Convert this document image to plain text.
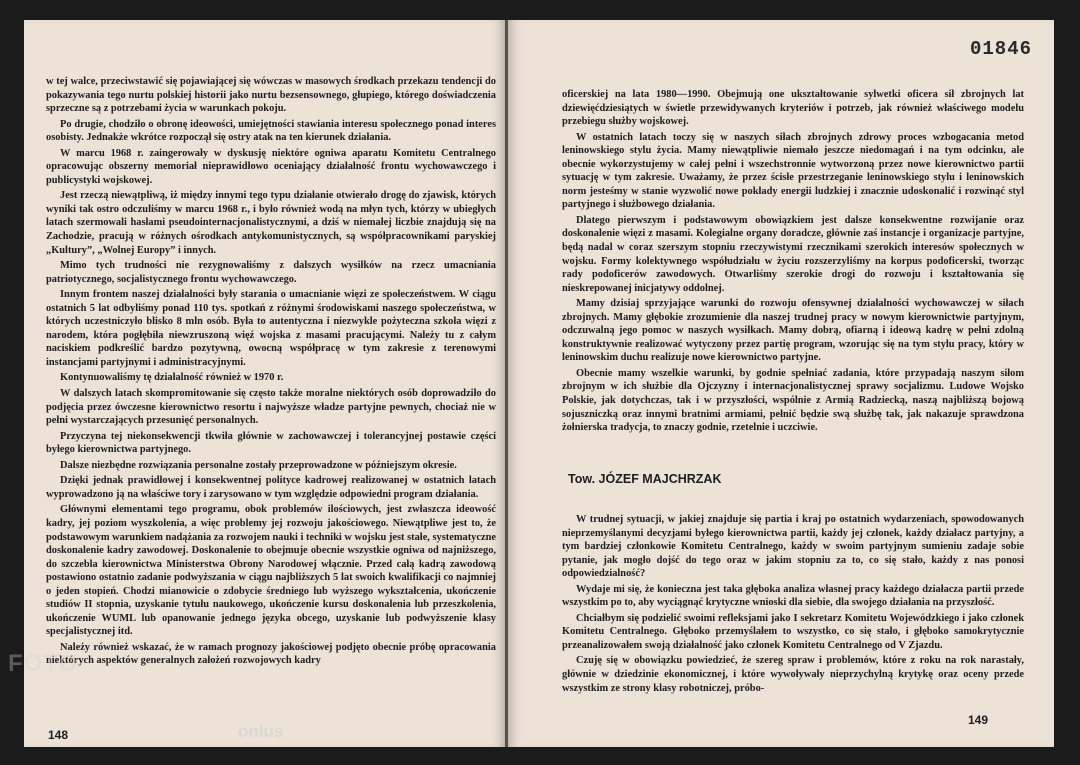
w tej walce, przeciwstawić się pojawiającej się wówczas w masowych środkach przekazu tendencji do pokazywania tego nurtu polskiej historii jako nurtu bezsensownego, głupiego, którego doświadczenia sprzeczne są z potrzebami życia w warunkach pokoju.

Po drugie, chodziło o obronę ideowości, umiejętności stawiania interesu społecznego ponad interes osobisty. Jednakże wkrótce rozpoczął się ostry atak na ten kierunek działania.

W marcu 1968 r. zaingerowały w dyskusję niektóre ogniwa aparatu Komitetu Centralnego opracowując obszerny memoriał nieprawidłowo oceniający działalność frontu wychowawczego i publicystyki wojskowej.

Jest rzeczą niewątpliwą, iż między innymi tego typu działanie otwierało drogę do zjawisk, których wyniki tak ostro odczuliśmy w marcu 1968 r., i było również wodą na młyn tych, którzy w ubiegłych latach szermowali hasłami pseudointernacjonalistycznymi, a dziś w niemałej liczbie znajdują się na Zachodzie, pracują w różnych ośrodkach antykomunistycznych, są współpracownikami paryskiej „Kultury”, „Wolnej Europy” i innych.

Mimo tych trudności nie rezygnowaliśmy z dalszych wysiłków na rzecz umacniania patriotycznego, socjalistycznego frontu wychowawczego.

Innym frontem naszej działalności były starania o umacnianie więzi ze społeczeństwem. W ciągu ostatnich 5 lat odbyliśmy ponad 110 tys. spotkań z różnymi środowiskami naszego społeczeństwa, w których uczestniczyło blisko 8 mln osób. Była to autentyczna i niezwykle pożyteczna szkoła więzi z narodem, która pogłębiła niewzruszoną więź wojska z masami pracującymi. Należy tu z całym naciskiem podkreślić bardzo pozytywną, owocną współpracę w tym zakresie z terenowymi instancjami partyjnymi i administracyjnymi.

Kontynuowaliśmy tę działalność również w 1970 r.

W dalszych latach skompromitowanie się często także moralne niektórych osób doprowadziło do podjęcia przez ówczesne kierownictwo resortu i najwyższe władze partyjne pewnych, chociaż nie w pełni wystarczających przesunięć personalnych.

Przyczyna tej niekonsekwencji tkwiła głównie w zachowawczej i tolerancyjnej postawie części byłego kierownictwa partyjnego.

Dalsze niezbędne rozwiązania personalne zostały przeprowadzone w późniejszym okresie.

Dzięki jednak prawidłowej i konsekwentnej polityce kadrowej realizowanej w ostatnich latach wyprowadzono ją na właściwe tory i zarysowano w tym względzie odpowiedni program działania.

Głównymi elementami tego programu, obok problemów ilościowych, jest zwłaszcza ideowość kadry, jej poziom wyszkolenia, a więc problemy jej rozwoju jakościowego. Niewątpliwe jest to, że podstawowym warunkiem nadążania za rozwojem nauki i techniki w wojsku jest stałe, systematyczne doskonalenie kadry zawodowej. Doskonalenie to obejmuje obecnie wszystkie ogniwa od najniższego, do szczebla kierownictwa Ministerstwa Obrony Narodowej włącznie. Przed całą kadrą zawodową postawiono ostatnio zadanie podwyższania w ciągu najbliższych 5 lat swoich kwalifikacji co najmniej o jeden stopień. Chodzi mianowicie o zdobycie średniego lub wyższego wykształcenia, ukończenie studiów II stopnia, uzyskanie tytułu naukowego, ukończenie kursu doskonalenia lub przeszkolenia, ukończenie WUML lub opanowanie jednego języka obcego, uzyskanie lub podwyższenie klasy specjalistycznej itd.

Należy również wskazać, że w ramach prognozy jakościowej podjęto obecnie próbę opracowania niektórych aspektów generalnych założeń rozwojowych kadry

148
01846

oficerskiej na lata 1980—1990. Obejmują one ukształtowanie sylwetki oficera sił zbrojnych lat dziewięćdziesiątych w świetle przewidywanych kryteriów i potrzeb, jak również właściwego modelu przebiegu służby wojskowej.

W ostatnich latach toczy się w naszych siłach zbrojnych zdrowy proces wzbogacania metod leninowskiego stylu życia. Mamy niewątpliwie niemało jeszcze niedomagań i na tym odcinku, ale obecnie wykorzystujemy w całej pełni i wszechstronnie wytworzoną przez nowe kierownictwo partii sytuację w tym zakresie. Uważamy, że przez ścisłe przestrzeganie leninowskiego stylu i leninowskich norm jesteśmy w stanie wyzwolić nowe pokłady energii ludzkiej i znacznie udoskonalić i rozwinąć styl partyjnego i służbowego działania.

Dlatego pierwszym i podstawowym obowiązkiem jest dalsze konsekwentne rozwijanie oraz doskonalenie więzi z masami. Kolegialne organy doradcze, głównie zaś instancje i organizacje partyjne, będą nadal w coraz szerszym stopniu rzeczywistymi rzecznikami szerokich interesów społecznych w wojsku. Formy kolektywnego współudziału w życiu rozszerzyliśmy na korpus podoficerski, tworząc rady podoficerów zawodowych. Otwarliśmy szerokie drogi do rozwoju i kształtowania się nieskrepowanej inicjatywy oddolnej.

Mamy dzisiaj sprzyjające warunki do rozwoju ofensywnej działalności wychowawczej w siłach zbrojnych. Mamy głębokie zrozumienie dla naszej trudnej pracy w nowym kierownictwie partyjnym, odczuwalną jego pomoc w naszych wysiłkach. Mamy dobrą, ofiarną i ideową kadrę w pełni zdolną konstruktywnie realizować wytyczony przez partię program, wzorując się na tym stylu pracy, który w leninowskim duchu realizuje nowe kierownictwo partyjne.

Obecnie mamy wszelkie warunki, by godnie spełniać zadania, które przypadają naszym siłom zbrojnym w ich służbie dla Ojczyzny i internacjonalistycznej sprawy socjalizmu. Ludowe Wojsko Polskie, jak dotychczas, tak i w przyszłości, wspólnie z Armią Radziecką, naszą najbliższą bojową sojuszniczką oraz innymi bratnimi armiami, pełnić będzie swą służbę tak, jak nakazuje sprawdzona żołnierska tradycja, to znaczy godnie, rzetelnie i uczciwie.

Tow. JÓZEF MAJCHRZAK

W trudnej sytuacji, w jakiej znajduje się partia i kraj po ostatnich wydarzeniach, spowodowanych nieprzemyślanymi decyzjami byłego kierownictwa partii, każdy jej członek, każdy działacz partyjny, a tym bardziej członkowie Komitetu Centralnego, każdy w swoim partyjnym sumieniu zadaje sobie pytanie, jak mogło dojść do tego oraz w jakim stopniu za to, co się stało, każdy z nas ponosi odpowiedzialność?

Wydaje mi się, że konieczna jest taka głęboka analiza własnej pracy każdego działacza partii przede wszystkim po to, aby wyciągnąć krytyczne wnioski dla siebie, dla swojego działania na przyszłość.

Chciałbym się podzielić swoimi refleksjami jako I sekretarz Komitetu Wojewódzkiego i jako członek Komitetu Centralnego. Głęboko przemyślałem to wszystko, co się stało, i głęboko samokrytycznie przeanalizowałem swoją działalność jako członek Komitetu Centralnego od V Zjazdu.

Czuję się w obowiązku powiedzieć, że szereg spraw i problemów, które z roku na rok narastały, głównie w dziedzinie ekonomicznej, i które wywoływały nieprzychylną krytykę oraz oceny przede wszystkim ze strony klasy robotniczej, próbo-

149
FOTO
onlus
